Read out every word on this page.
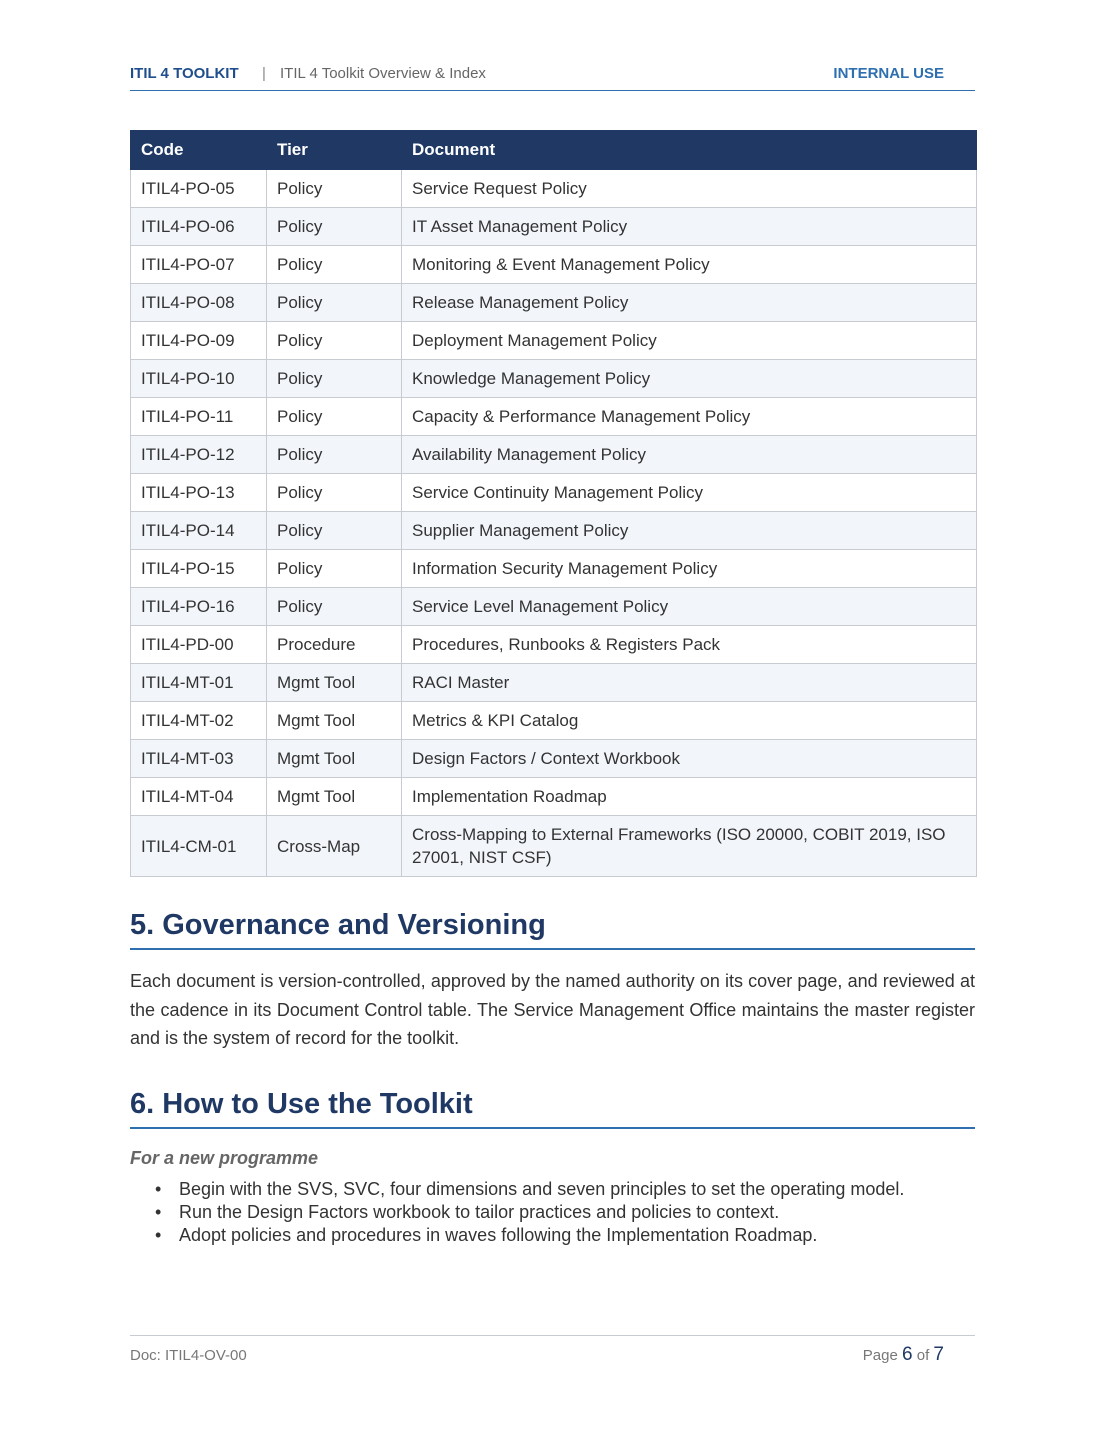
ITIL 4 TOOLKIT | ITIL 4 Toolkit Overview & Index	INTERNAL USE
Code	Tier	Document
ITIL4-PO-05	Policy	Service Request Policy
ITIL4-PO-06	Policy	IT Asset Management Policy
ITIL4-PO-07	Policy	Monitoring & Event Management Policy
ITIL4-PO-08	Policy	Release Management Policy
ITIL4-PO-09	Policy	Deployment Management Policy
ITIL4-PO-10	Policy	Knowledge Management Policy
ITIL4-PO-11	Policy	Capacity & Performance Management Policy
ITIL4-PO-12	Policy	Availability Management Policy
ITIL4-PO-13	Policy	Service Continuity Management Policy
ITIL4-PO-14	Policy	Supplier Management Policy
ITIL4-PO-15	Policy	Information Security Management Policy
ITIL4-PO-16	Policy	Service Level Management Policy
ITIL4-PD-00	Procedure	Procedures, Runbooks & Registers Pack
ITIL4-MT-01	Mgmt Tool	RACI Master
ITIL4-MT-02	Mgmt Tool	Metrics & KPI Catalog
ITIL4-MT-03	Mgmt Tool	Design Factors / Context Workbook
ITIL4-MT-04	Mgmt Tool	Implementation Roadmap
ITIL4-CM-01	Cross-Map	Cross-Mapping to External Frameworks (ISO 20000, COBIT 2019, ISO 27001, NIST CSF)
5. Governance and Versioning

Each document is version-controlled, approved by the named authority on its cover page, and reviewed at the cadence in its Document Control table. The Service Management Office maintains the master register and is the system of record for the toolkit.

6. How to Use the Toolkit
For a new programme
• Begin with the SVS, SVC, four dimensions and seven principles to set the operating model.
• Run the Design Factors workbook to tailor practices and policies to context.
• Adopt policies and procedures in waves following the Implementation Roadmap.
Doc: ITIL4-OV-00	Page 6 of 7
